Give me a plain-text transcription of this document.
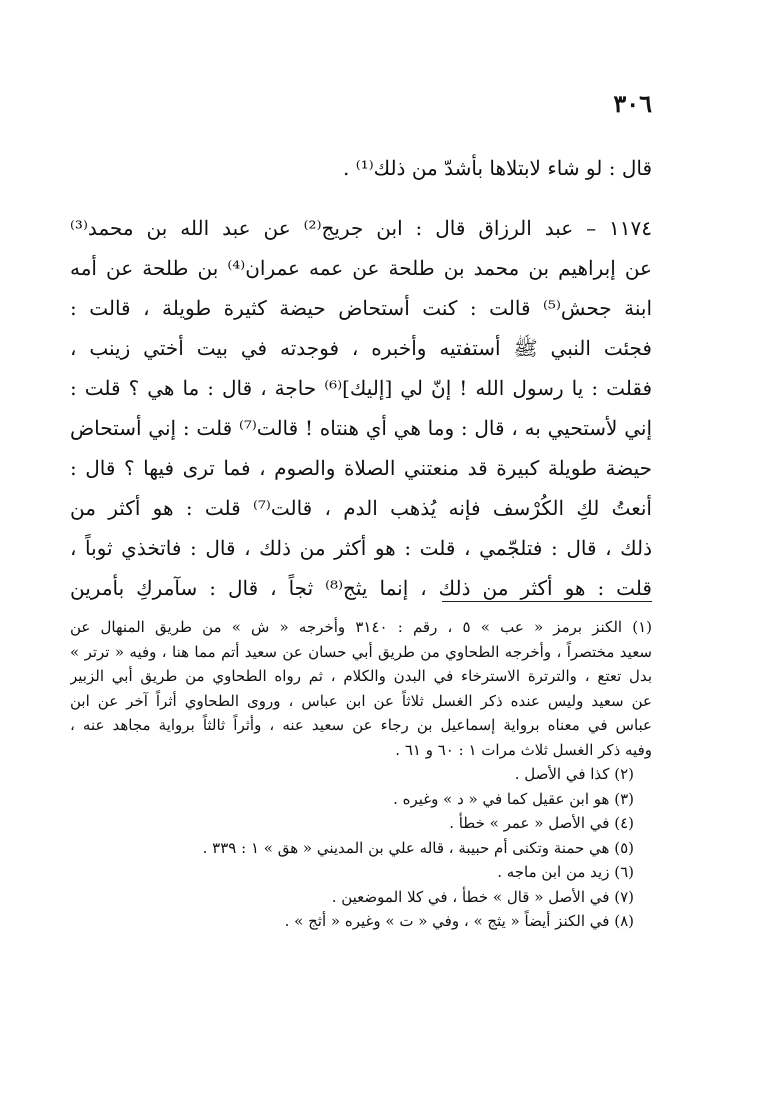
٣٠٦
قال : لو شاء لابتلاها بأشدّ من ذلك⁽¹⁾ .
١١٧٤ – عبد الرزاق قال : ابن جريج⁽²⁾ عن عبد الله بن محمد⁽³⁾
عن إبراهيم بن محمد بن طلحة عن عمه عمران⁽⁴⁾ بن طلحة عن أمه
ابنة جحش⁽⁵⁾ قالت : كنت أستحاض حيضة كثيرة طويلة ، قالت :
فجئت النبي ﷺ أستفتيه وأخبره ، فوجدته في بيت أختي زينب ،
فقلت : يا رسول الله ! إنّ لي [إليك]⁽⁶⁾ حاجة ، قال : ما هي ؟ قلت :
إني لأستحيي به ، قال : وما هي أي هنتاه ! قالت⁽⁷⁾ قلت : إني أستحاض
حيضة طويلة كبيرة قد منعتني الصلاة والصوم ، فما ترى فيها ؟ قال :
أنعتُ لكِ الكُرْسف فإنه يُذهب الدم ، قالت⁽⁷⁾ قلت : هو أكثر من
ذلك ، قال : فتلجّمي ، قلت : هو أكثر من ذلك ، قال : فاتخذي ثوباً ،
قلت : هو أكثر من ذلك ، إنما يثج⁽⁸⁾ ثجاً ، قال : سآمركِ بأمرين
(١) الكنز برمز « عب » ٥ ، رقم : ٣١٤٠ وأخرجه « ش » من طريق المنهال عن
سعيد مختصراً ، وأخرجه الطحاوي من طريق أبي حسان عن سعيد أتم مما هنا ، وفيه « ترتر »
بدل تعتع ، والترترة الاسترخاء في البدن والكلام ، ثم رواه الطحاوي من طريق أبي الزبير
عن سعيد وليس عنده ذكر الغسل ثلاثاً عن ابن عباس ، وروى الطحاوي أثراً آخر عن ابن
عباس في معناه برواية إسماعيل بن رجاء عن سعيد عنه ، وأثراً ثالثاً برواية مجاهد عنه ،
وفيه ذكر الغسل ثلاث مرات ١ : ٦٠ و ٦١ .
(٢) كذا في الأصل .
(٣) هو ابن عقيل كما في « د » وغيره .
(٤) في الأصل « عمر » خطأ .
(٥) هي حمنة وتكنى أم حبيبة ، قاله علي بن المديني « هق » ١ : ٣٣٩ .
(٦) زيد من ابن ماجه .
(٧) في الأصل « قال » خطأ ، في كلا الموضعين .
(٨) في الكنز أيضاً « يثج » ، وفي « ت » وغيره « أثج » .
